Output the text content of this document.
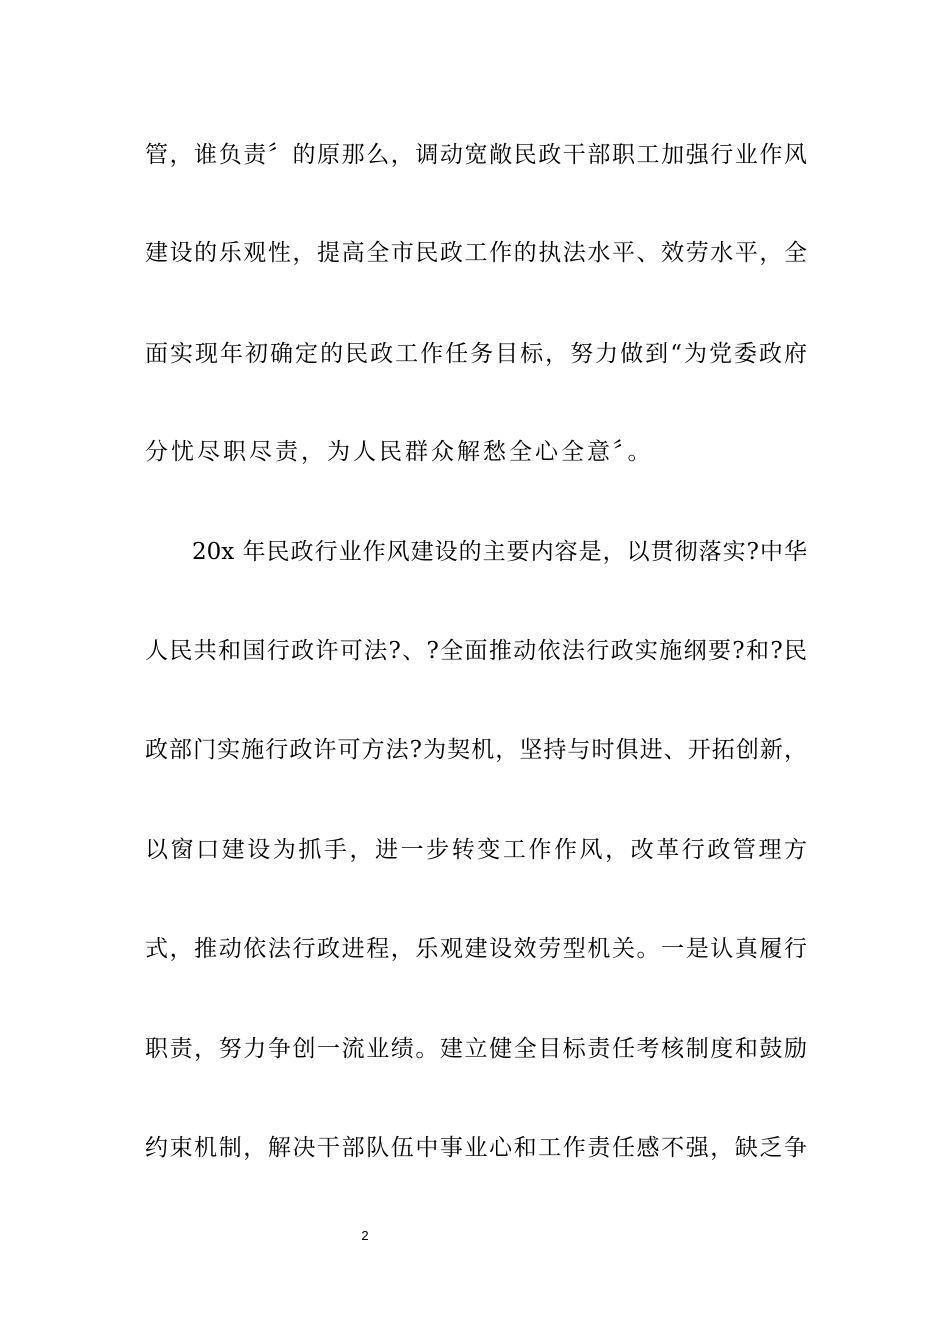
管，谁负责〞的原那么，调动宽敞民政干部职工加强行业作风
建设的乐观性，提高全市民政工作的执法水平、效劳水平，全
面实现年初确定的民政工作任务目标，努力做到“为党委政府
分忧尽职尽责，为人民群众解愁全心全意〞。
20x 年民政行业作风建设的主要内容是，以贯彻落实?中华
人民共和国行政许可法?、?全面推动依法行政实施纲要?和?民
政部门实施行政许可方法?为契机，坚持与时俱进、开拓创新，
以窗口建设为抓手，进一步转变工作作风，改革行政管理方
式，推动依法行政进程，乐观建设效劳型机关。一是认真履行
职责，努力争创一流业绩。建立健全目标责任考核制度和鼓励
约束机制，解决干部队伍中事业心和工作责任感不强，缺乏争
2
